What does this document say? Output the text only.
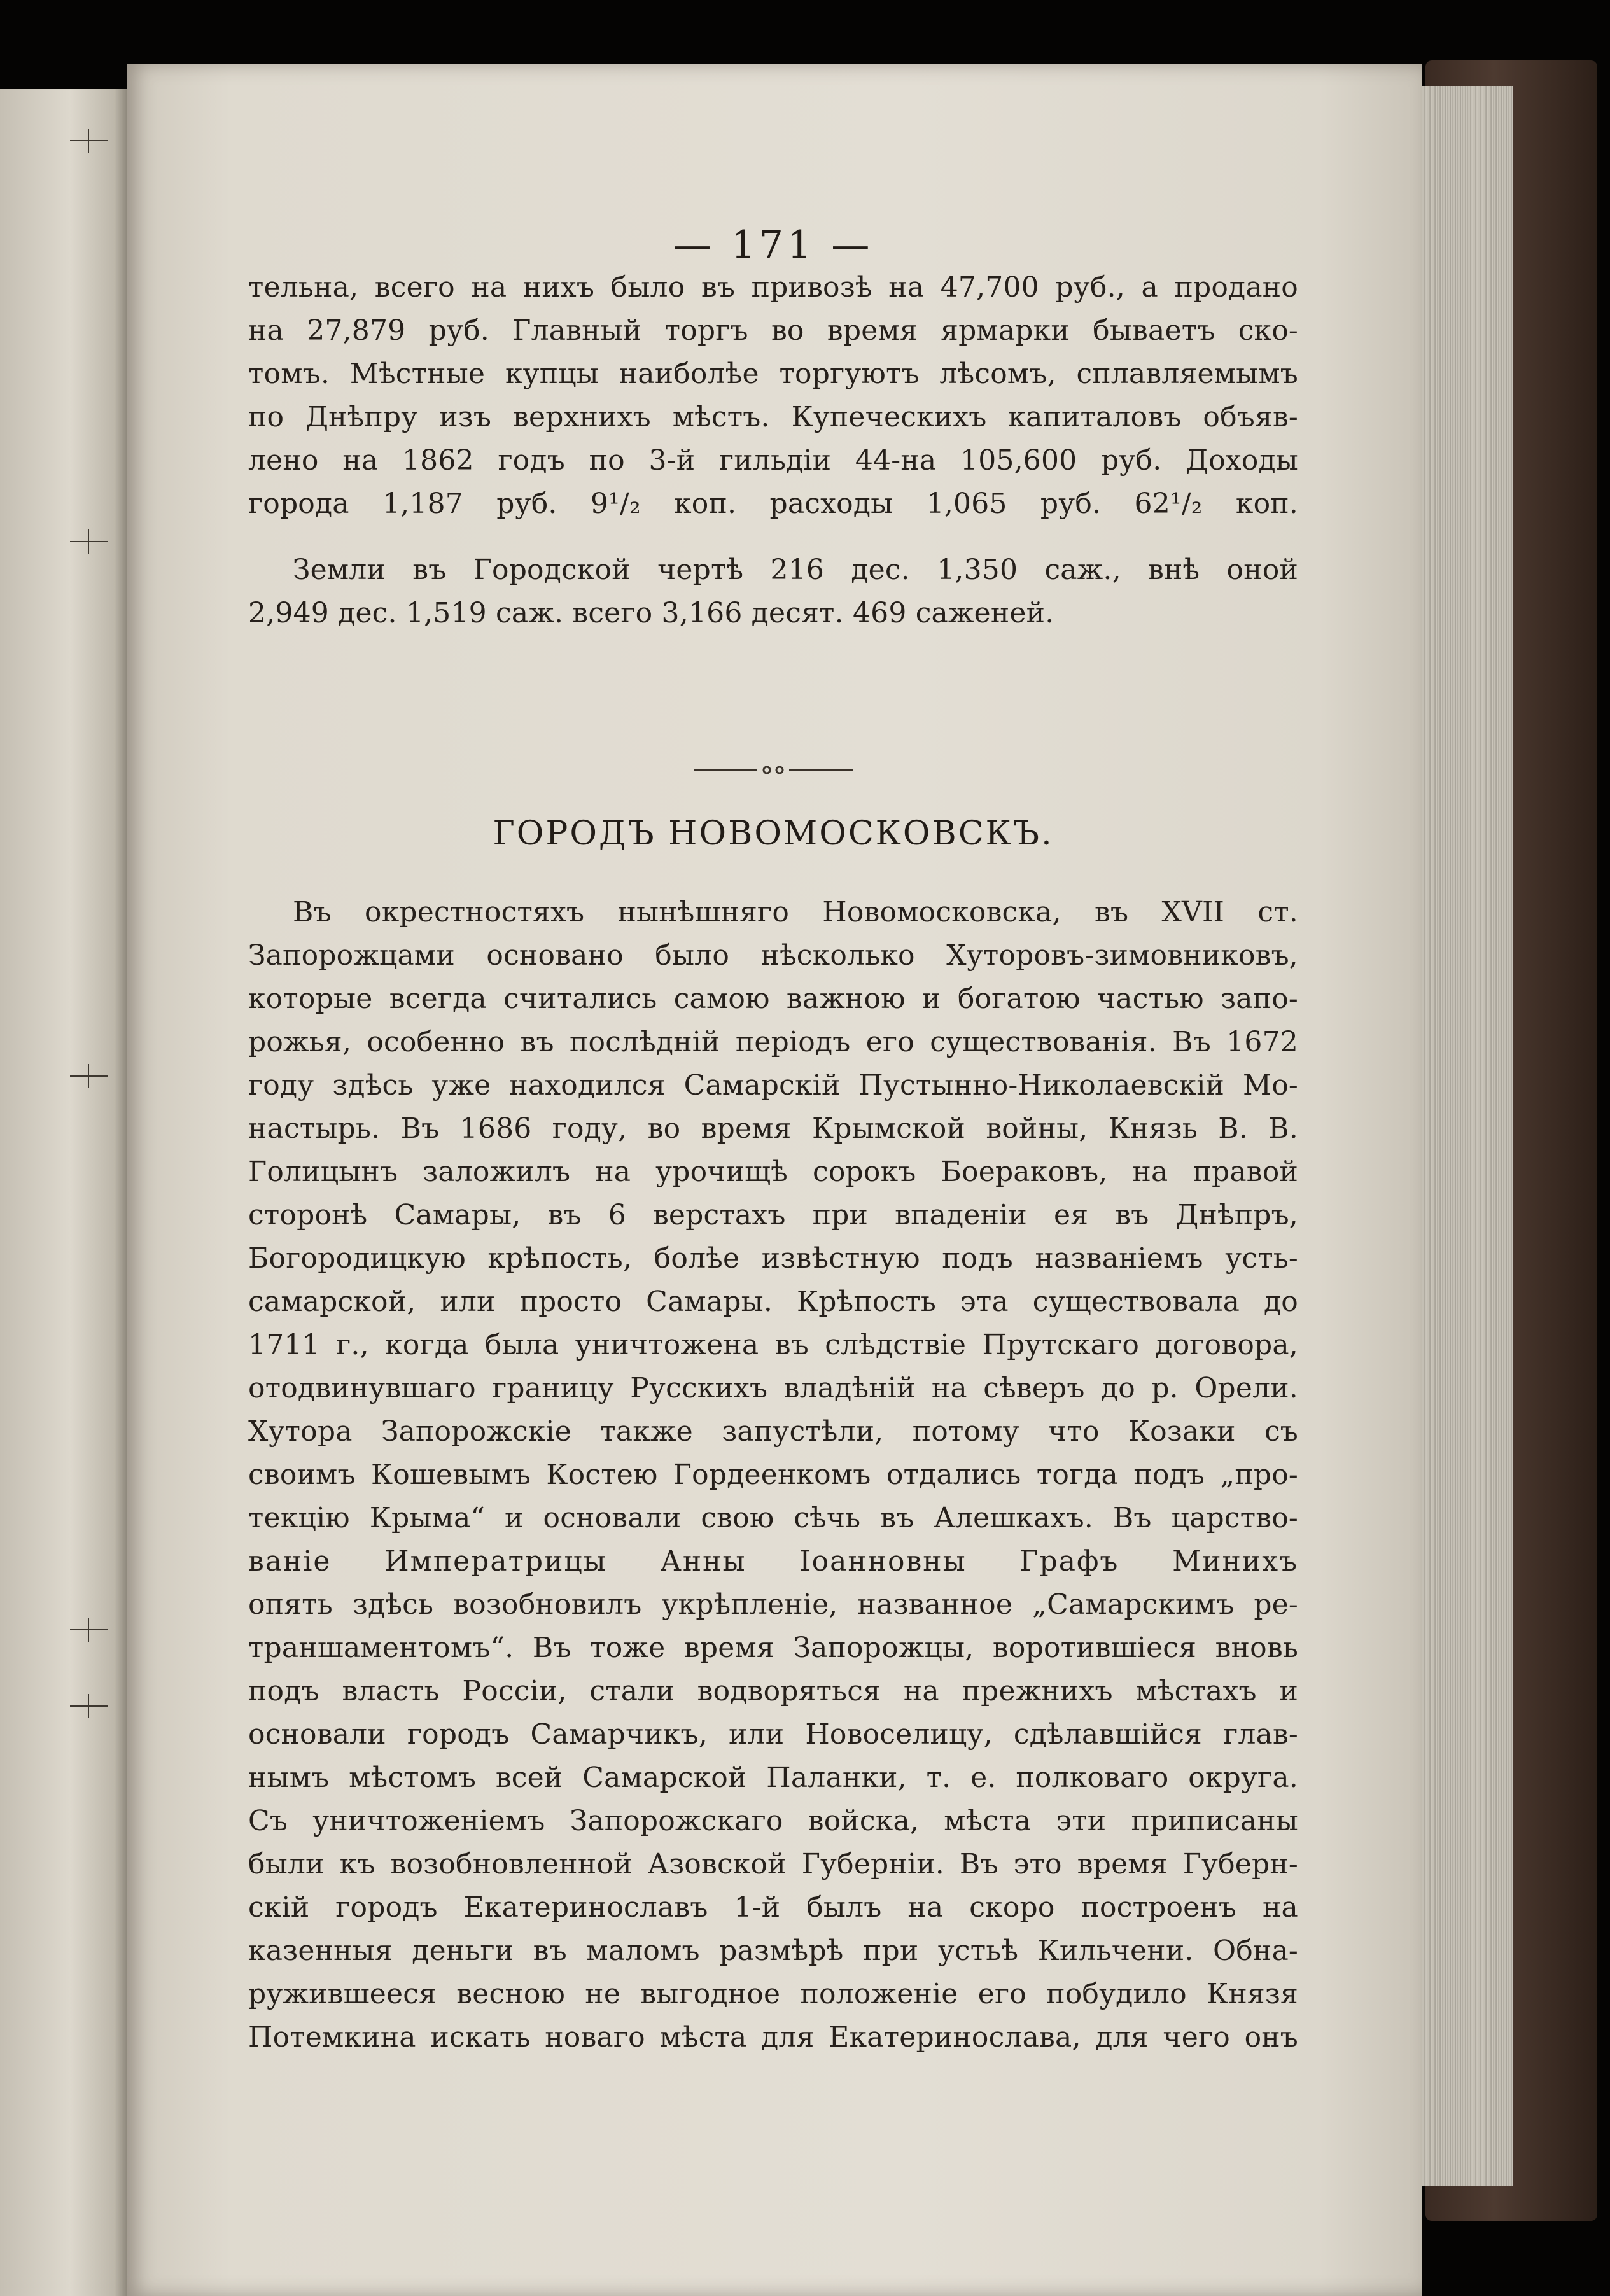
— 171 —
тельна, всего на нихъ было въ привозѣ на 47,700 руб., а продано
на 27,879 руб. Главный торгъ во время ярмарки бываетъ ско-
томъ. Мѣстные купцы наиболѣе торгуютъ лѣсомъ, сплавляемымъ
по Днѣпру изъ верхнихъ мѣстъ. Купеческихъ капиталовъ объяв-
лено на 1862 годъ по 3-й гильдіи 44-на 105,600 руб. Доходы
города 1,187 руб. 9¹/₂ коп. расходы 1,065 руб. 62¹/₂ коп.
Земли въ Городской чертѣ 216 дес. 1,350 саж., внѣ оной
2,949 дес. 1,519 саж. всего 3,166 десят. 469 саженей.
ГОРОДЪ НОВОМОСКОВСКЪ.
Въ окрестностяхъ нынѣшняго Новомосковска, въ XVII ст.
Запорожцами основано было нѣсколько Хуторовъ-зимовниковъ,
которые всегда считались самою важною и богатою частью запо-
рожья, особенно въ послѣдній періодъ его существованія. Въ 1672
году здѣсь уже находился Самарскій Пустынно-Николаевскій Мо-
настырь. Въ 1686 году, во время Крымской войны, Князь В. В.
Голицынъ заложилъ на урочищѣ сорокъ Боераковъ, на правой
сторонѣ Самары, въ 6 верстахъ при впаденіи ея въ Днѣпръ,
Богородицкую крѣпость, болѣе извѣстную подъ названіемъ усть-
самарской, или просто Самары. Крѣпость эта существовала до
1711 г., когда была уничтожена въ слѣдствіе Прутскаго договора,
отодвинувшаго границу Русскихъ владѣній на сѣверъ до р. Орели.
Хутора Запорожскіе также запустѣли, потому что Козаки съ
своимъ Кошевымъ Костею Гордеенкомъ отдались тогда подъ „про-
текцію Крыма“ и основали свою сѣчь въ Алешкахъ. Въ царство-
ваніе Императрицы Анны Іоанновны Графъ Минихъ
опять здѣсь возобновилъ укрѣпленіе, названное „Самарскимъ ре-
траншаментомъ“. Въ тоже время Запорожцы, воротившіеся вновь
подъ власть Россіи, стали водворяться на прежнихъ мѣстахъ и
основали городъ Самарчикъ, или Новоселицу, сдѣлавшійся глав-
нымъ мѣстомъ всей Самарской Паланки, т. е. полковаго округа.
Съ уничтоженіемъ Запорожскаго войска, мѣста эти приписаны
были къ возобновленной Азовской Губерніи. Въ это время Губерн-
скій городъ Екатеринославъ 1-й былъ на скоро построенъ на
казенныя деньги въ маломъ размѣрѣ при устьѣ Кильчени. Обна-
ружившееся весною не выгодное положеніе его побудило Князя
Потемкина искать новаго мѣста для Екатеринослава, для чего онъ
